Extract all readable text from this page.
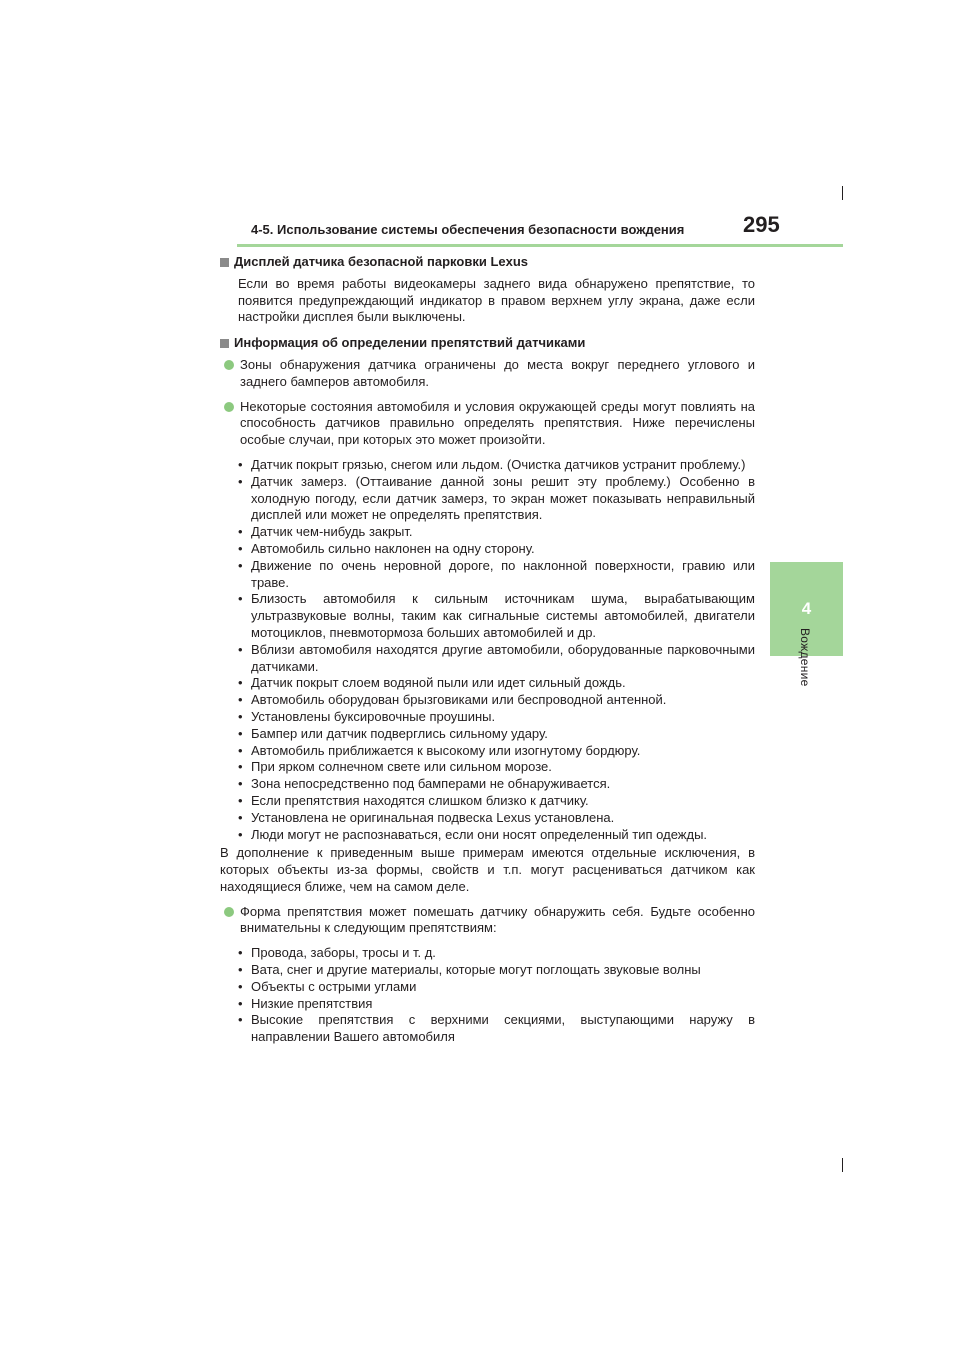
4-5. Использование системы обеспечения безопасности вождения	295
4
Вождение
Дисплей датчика безопасной парковки Lexus

Если во время работы видеокамеры заднего вида обнаружено препятствие, то появится предупреждающий индикатор в правом верхнем углу экрана, даже если настройки дисплея были выключены.

Информация об определении препятствий датчиками
Зоны обнаружения датчика ограничены до места вокруг переднего углового и заднего бамперов автомобиля.
Некоторые состояния автомобиля и условия окружающей среды могут повлиять на способность датчиков правильно определять препятствия. Ниже перечислены особые случаи, при которых это может произойти.
• Датчик покрыт грязью, снегом или льдом. (Очистка датчиков устранит проблему.)
• Датчик замерз. (Оттаивание данной зоны решит эту проблему.) Особенно в холодную погоду, если датчик замерз, то экран может показывать неправильный дисплей или может не определять препятствия.
• Датчик чем-нибудь закрыт.
• Автомобиль сильно наклонен на одну сторону.
• Движение по очень неровной дороге, по наклонной поверхности, гравию или траве.
• Близость автомобиля к сильным источникам шума, вырабатывающим ультразвуковые волны, таким как сигнальные системы автомобилей, двигатели мотоциклов, пневмотормоза больших автомобилей и др.
• Вблизи автомобиля находятся другие автомобили, оборудованные парковочными датчиками.
• Датчик покрыт слоем водяной пыли или идет сильный дождь.
• Автомобиль оборудован брызговиками или беспроводной антенной.
• Установлены буксировочные проушины.
• Бампер или датчик подверглись сильному удару.
• Автомобиль приближается к высокому или изогнутому бордюру.
• При ярком солнечном свете или сильном морозе.
• Зона непосредственно под бамперами не обнаруживается.
• Если препятствия находятся слишком близко к датчику.
• Установлена не оригинальная подвеска Lexus установлена.
• Люди могут не распознаваться, если они носят определенный тип одежды.

В дополнение к приведенным выше примерам имеются отдельные исключения, в которых объекты из-за формы, свойств и т.п. могут расцениваться датчиком как находящиеся ближе, чем на самом деле.

Форма препятствия может помешать датчику обнаружить себя. Будьте особенно внимательны к следующим препятствиям:
• Провода, заборы, тросы и т. д.
• Вата, снег и другие материалы, которые могут поглощать звуковые волны
• Объекты с острыми углами
• Низкие препятствия
• Высокие препятствия с верхними секциями, выступающими наружу в направлении Вашего автомобиля
